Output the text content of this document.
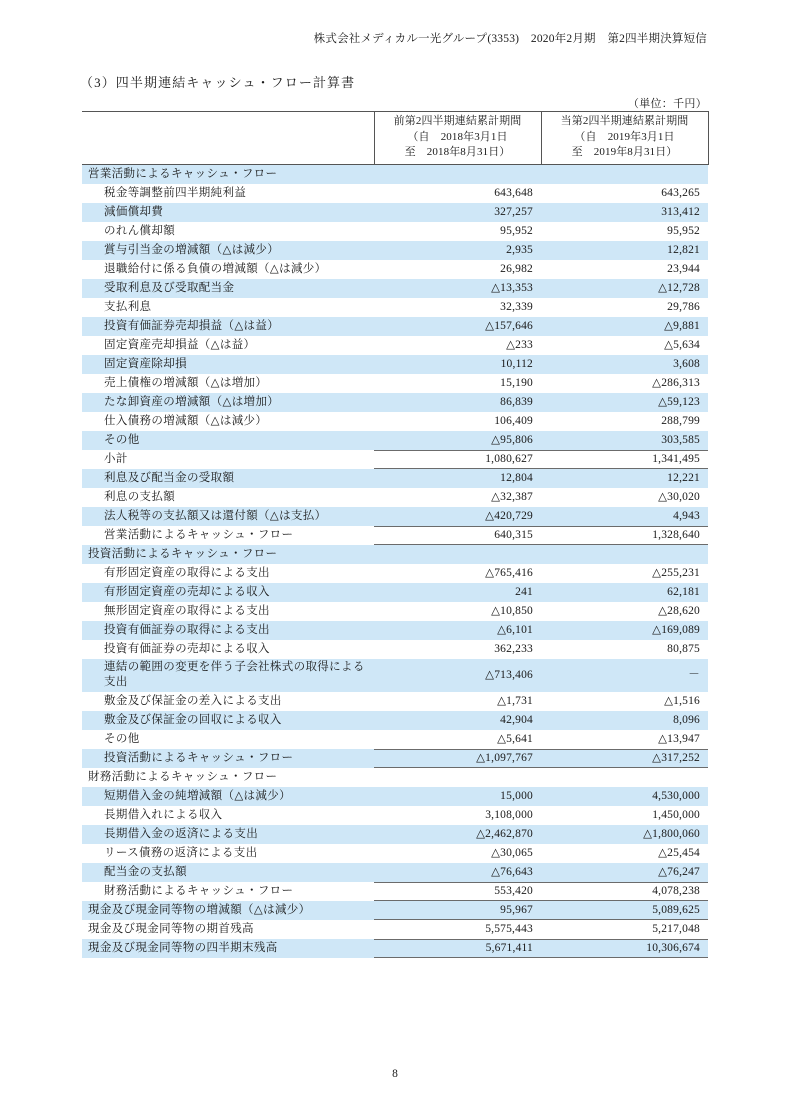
株式会社メディカル一光グループ(3353)　2020年2月期　第2四半期決算短信
（3）四半期連結キャッシュ・フロー計算書
（単位：千円）
	前第2四半期連結累計期間
（自　2018年3月1日
至　2018年8月31日）	当第2四半期連結累計期間
（自　2019年3月1日
至　2019年8月31日）
営業活動によるキャッシュ・フロー		
税金等調整前四半期純利益	643,648	643,265
減価償却費	327,257	313,412
のれん償却額	95,952	95,952
賞与引当金の増減額（△は減少）	2,935	12,821
退職給付に係る負債の増減額（△は減少）	26,982	23,944
受取利息及び受取配当金	△13,353	△12,728
支払利息	32,339	29,786
投資有価証券売却損益（△は益）	△157,646	△9,881
固定資産売却損益（△は益）	△233	△5,634
固定資産除却損	10,112	3,608
売上債権の増減額（△は増加）	15,190	△286,313
たな卸資産の増減額（△は増加）	86,839	△59,123
仕入債務の増減額（△は減少）	106,409	288,799
その他	△95,806	303,585
小計	1,080,627	1,341,495
利息及び配当金の受取額	12,804	12,221
利息の支払額	△32,387	△30,020
法人税等の支払額又は還付額（△は支払）	△420,729	4,943
営業活動によるキャッシュ・フロー	640,315	1,328,640
投資活動によるキャッシュ・フロー		
有形固定資産の取得による支出	△765,416	△255,231
有形固定資産の売却による収入	241	62,181
無形固定資産の取得による支出	△10,850	△28,620
投資有価証券の取得による支出	△6,101	△169,089
投資有価証券の売却による収入	362,233	80,875
連結の範囲の変更を伴う子会社株式の取得による支出	△713,406	－
敷金及び保証金の差入による支出	△1,731	△1,516
敷金及び保証金の回収による収入	42,904	8,096
その他	△5,641	△13,947
投資活動によるキャッシュ・フロー	△1,097,767	△317,252
財務活動によるキャッシュ・フロー		
短期借入金の純増減額（△は減少）	15,000	4,530,000
長期借入れによる収入	3,108,000	1,450,000
長期借入金の返済による支出	△2,462,870	△1,800,060
リース債務の返済による支出	△30,065	△25,454
配当金の支払額	△76,643	△76,247
財務活動によるキャッシュ・フロー	553,420	4,078,238
現金及び現金同等物の増減額（△は減少）	95,967	5,089,625
現金及び現金同等物の期首残高	5,575,443	5,217,048
現金及び現金同等物の四半期末残高	5,671,411	10,306,674
8
